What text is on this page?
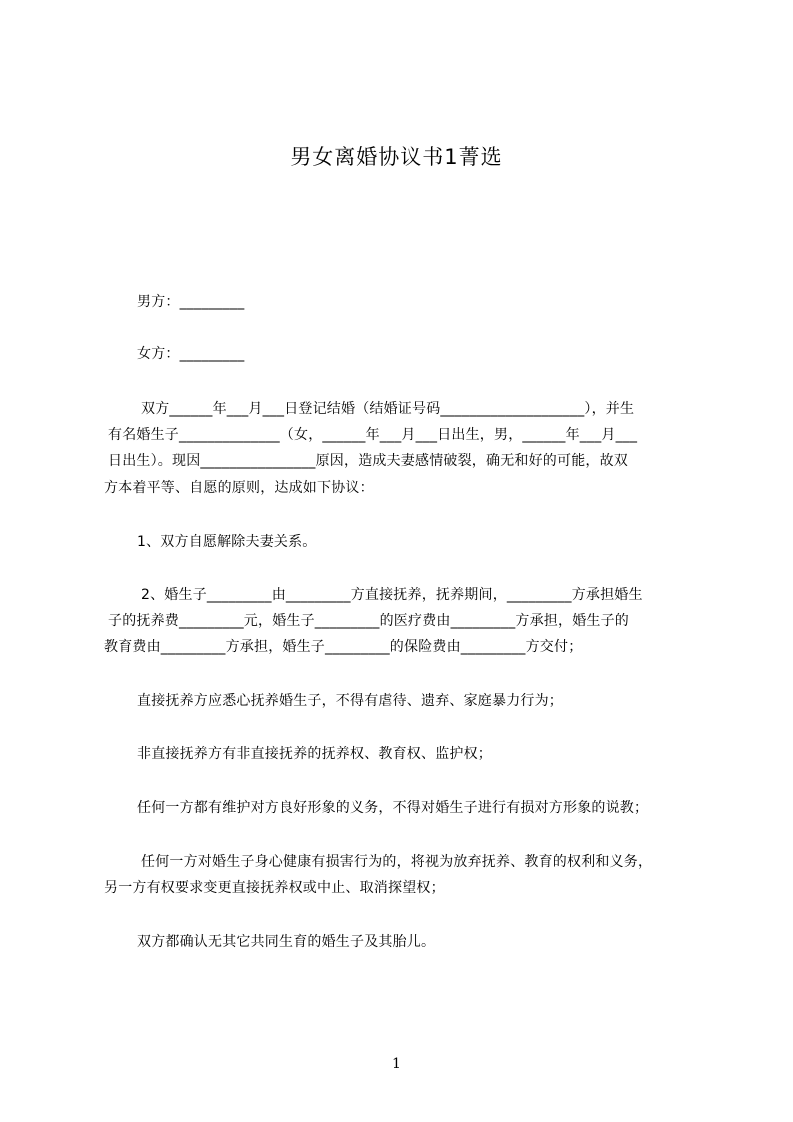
男女离婚协议书1菁选
男方：_________
女方：_________
双方______年___月___日登记结婚（结婚证号码____________________），并生
有名婚生子______________（女，______年___月___日出生，男，______年___月___
日出生）。现因________________原因，造成夫妻感情破裂，确无和好的可能，故双
方本着平等、自愿的原则，达成如下协议：
1、双方自愿解除夫妻关系。
2、婚生子_________由_________方直接抚养，抚养期间，_________方承担婚生
子的抚养费_________元，婚生子_________的医疗费由_________方承担，婚生子的
教育费由_________方承担，婚生子_________的保险费由_________方交付；
直接抚养方应悉心抚养婚生子，不得有虐待、遗弃、家庭暴力行为；
非直接抚养方有非直接抚养的抚养权、教育权、监护权；
任何一方都有维护对方良好形象的义务，不得对婚生子进行有损对方形象的说教；
任何一方对婚生子身心健康有损害行为的，将视为放弃抚养、教育的权利和义务，
另一方有权要求变更直接抚养权或中止、取消探望权；
双方都确认无其它共同生育的婚生子及其胎儿。
1
